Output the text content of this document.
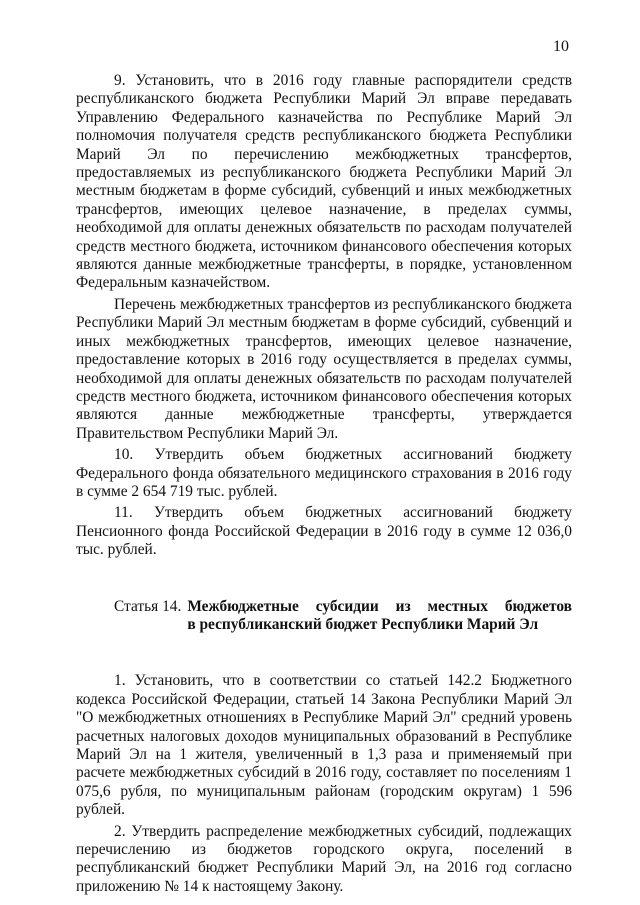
10

9. Установить, что в 2016 году главные распорядители средств республиканского бюджета Республики Марий Эл вправе передавать Управлению Федерального казначейства по Республике Марий Эл полномочия получателя средств республиканского бюджета Республики Марий Эл по перечислению межбюджетных трансфертов, предоставляемых из республиканского бюджета Республики Марий Эл местным бюджетам в форме субсидий, субвенций и иных межбюджетных трансфертов, имеющих целевое назначение, в пределах суммы, необходимой для оплаты денежных обязательств по расходам получателей средств местного бюджета, источником финансового обеспечения которых являются данные межбюджетные трансферты, в порядке, установленном Федеральным казначейством.

Перечень межбюджетных трансфертов из республиканского бюджета Республики Марий Эл местным бюджетам в форме субсидий, субвенций и иных межбюджетных трансфертов, имеющих целевое назначение, предоставление которых в 2016 году осуществляется в пределах суммы, необходимой для оплаты денежных обязательств по расходам получателей средств местного бюджета, источником финансового обеспечения которых являются данные межбюджетные трансферты, утверждается Правительством Республики Марий Эл.

10. Утвердить объем бюджетных ассигнований бюджету Федерального фонда обязательного медицинского страхования в 2016 году в сумме 2 654 719 тыс. рублей.

11. Утвердить объем бюджетных ассигнований бюджету Пенсионного фонда Российской Федерации в 2016 году в сумме 12 036,0 тыс. рублей.

Статья 14. Межбюджетные субсидии из местных бюджетов
в республиканский бюджет Республики Марий Эл

1. Установить, что в соответствии со статьей 142.2 Бюджетного кодекса Российской Федерации, статьей 14 Закона Республики Марий Эл "О межбюджетных отношениях в Республике Марий Эл" средний уровень расчетных налоговых доходов муниципальных образований в Республике Марий Эл на 1 жителя, увеличенный в 1,3 раза и применяемый при расчете межбюджетных субсидий в 2016 году, составляет по поселениям 1 075,6 рубля, по муниципальным районам (городским округам) 1 596 рублей.

2. Утвердить распределение межбюджетных субсидий, подлежащих перечислению из бюджетов городского округа, поселений в республиканский бюджет Республики Марий Эл, на 2016 год согласно приложению № 14 к настоящему Закону.
